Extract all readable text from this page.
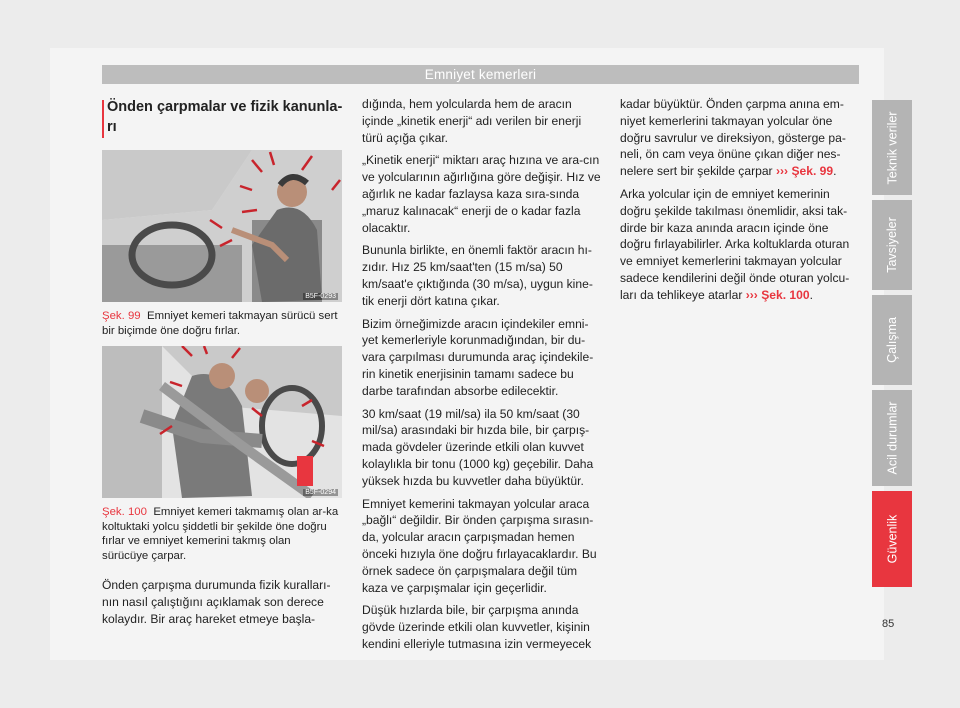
Emniyet kemerleri
Önden çarpmalar ve fizik kanunla-rı
B5F-0293
Şek. 99 Emniyet kemeri takmayan sürücü sert bir biçimde öne doğru fırlar.
B5F-0294
Şek. 100 Emniyet kemeri takmamış olan ar-ka koltuktaki yolcu şiddetli bir şekilde öne doğru fırlar ve emniyet kemerini takmış olan sürücüye çarpar.
Önden çarpışma durumunda fizik kuralları-nın nasıl çalıştığını açıklamak son derece kolaydır. Bir araç hareket etmeye başla-

dığında, hem yolcularda hem de aracın içinde „kinetik enerji“ adı verilen bir enerji türü açığa çıkar.

„Kinetik enerji“ miktarı araç hızına ve ara-cın ve yolcularının ağırlığına göre değişir. Hız ve ağırlık ne kadar fazlaysa kaza sıra-sında „maruz kalınacak“ enerji de o kadar fazla olacaktır.

Bununla birlikte, en önemli faktör aracın hı-zıdır. Hız 25 km/saat'ten (15 m/sa) 50 km/saat'e çıktığında (30 m/sa), uygun kine-tik enerji dört katına çıkar.

Bizim örneğimizde aracın içindekiler emni-yet kemerleriyle korunmadığından, bir du-vara çarpılması durumunda araç içindekile-rin kinetik enerjisinin tamamı sadece bu darbe tarafından absorbe edilecektir.

30 km/saat (19 mil/sa) ila 50 km/saat (30 mil/sa) arasındaki bir hızda bile, bir çarpış-mada gövdeler üzerinde etkili olan kuvvet kolaylıkla bir tonu (1000 kg) geçebilir. Daha yüksek hızda bu kuvvetler daha büyüktür.

Emniyet kemerini takmayan yolcular araca „bağlı“ değildir. Bir önden çarpışma sırasın-da, yolcular aracın çarpışmadan hemen önceki hızıyla öne doğru fırlayacaklardır. Bu örnek sadece ön çarpışmalara değil tüm kaza ve çarpışmalar için geçerlidir.

Düşük hızlarda bile, bir çarpışma anında gövde üzerinde etkili olan kuvvetler, kişinin kendini elleriyle tutmasına izin vermeyecek

kadar büyüktür. Önden çarpma anına em-niyet kemerlerini takmayan yolcular öne doğru savrulur ve direksiyon, gösterge pa-neli, ön cam veya önüne çıkan diğer nes-nelere sert bir şekilde çarpar ››› Şek. 99.

Arka yolcular için de emniyet kemerinin doğru şekilde takılması önemlidir, aksi tak-dirde bir kaza anında aracın içinde öne doğru fırlayabilirler. Arka koltuklarda oturan ve emniyet kemerlerini takmayan yolcular sadece kendilerini değil önde oturan yolcu-ları da tehlikeye atarlar ››› Şek. 100.

Teknik veriler
Tavsiyeler
Çalışma
Acil durumlar
Güvenlik
85
